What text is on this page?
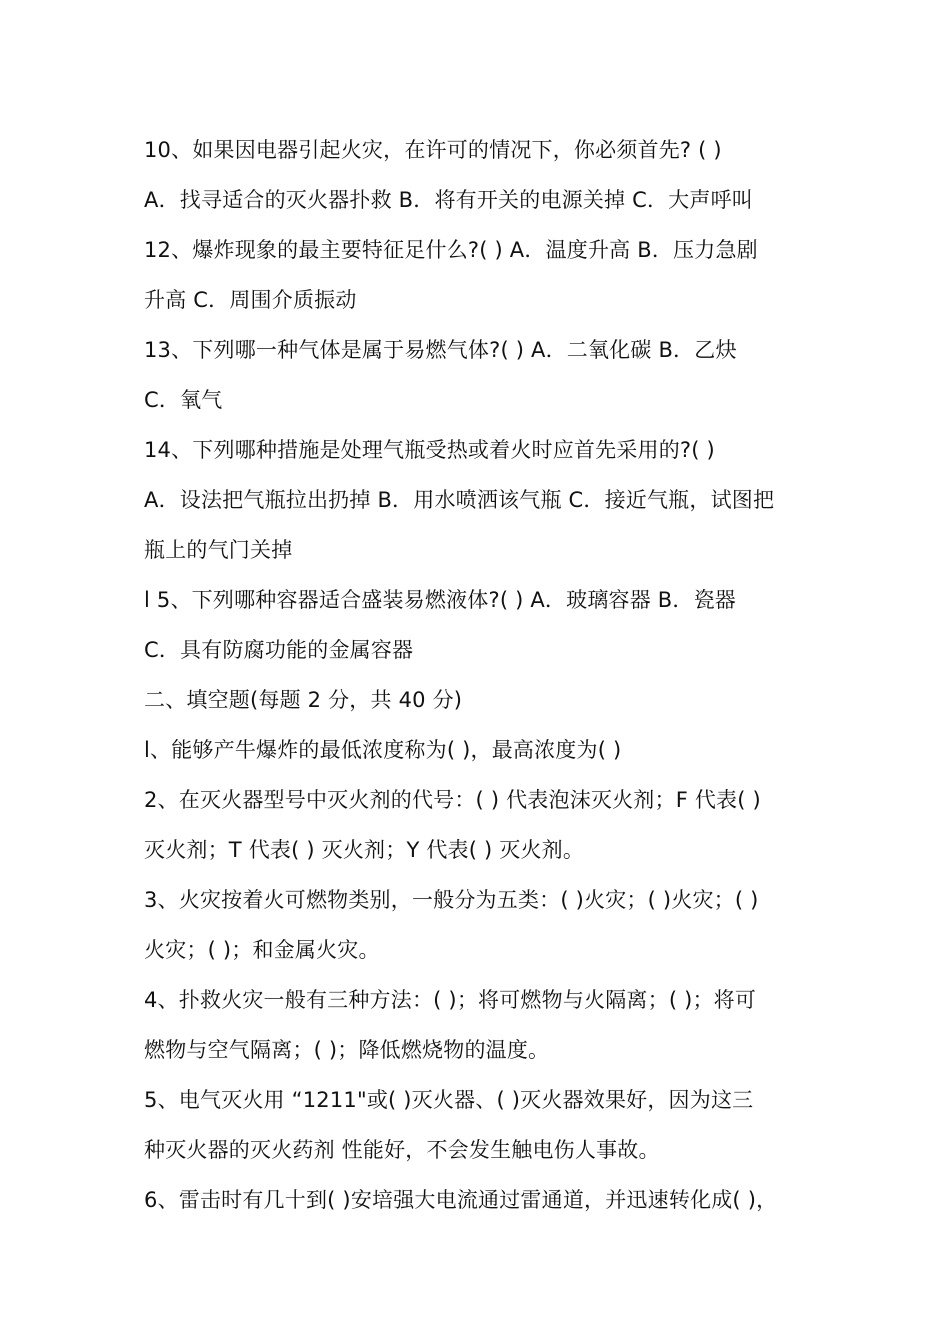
10、如果因电器引起火灾，在许可的情况下，你必须首先? ( )
A．找寻适合的灭火器扑救 B．将有开关的电源关掉 C．大声呼叫
12、爆炸现象的最主要特征足什么?( ) A．温度升高 B．压力急剧
升高 C．周围介质振动
13、下列哪一种气体是属于易燃气体?( ) A．二氧化碳 B．乙炔
C．氧气
14、下列哪种措施是处理气瓶受热或着火时应首先采用的?( )
A．设法把气瓶拉出扔掉 B．用水喷洒该气瓶 C．接近气瓶，试图把
瓶上的气门关掉
l 5、下列哪种容器适合盛装易燃液体?( ) A．玻璃容器 B．瓷器
C．具有防腐功能的金属容器
二、填空题(每题 2 分，共 40 分)
l、能够产牛爆炸的最低浓度称为( )，最高浓度为( )
2、在灭火器型号中灭火剂的代号：( ) 代表泡沫灭火剂；F 代表( )
灭火剂；T 代表( ) 灭火剂；Y 代表( ) 灭火剂。
3、火灾按着火可燃物类别，一般分为五类：( )火灾；( )火灾；( )
火灾；( )；和金属火灾。
4、扑救火灾一般有三种方法：( )；将可燃物与火隔离；( )；将可
燃物与空气隔离；( )；降低燃烧物的温度。
5、电气灭火用 “1211"或( )灭火器、( )灭火器效果好，因为这三
种灭火器的灭火药剂 性能好，不会发生触电伤人事故。
6、雷击时有几十到( )安培强大电流通过雷通道，并迅速转化成( )，
